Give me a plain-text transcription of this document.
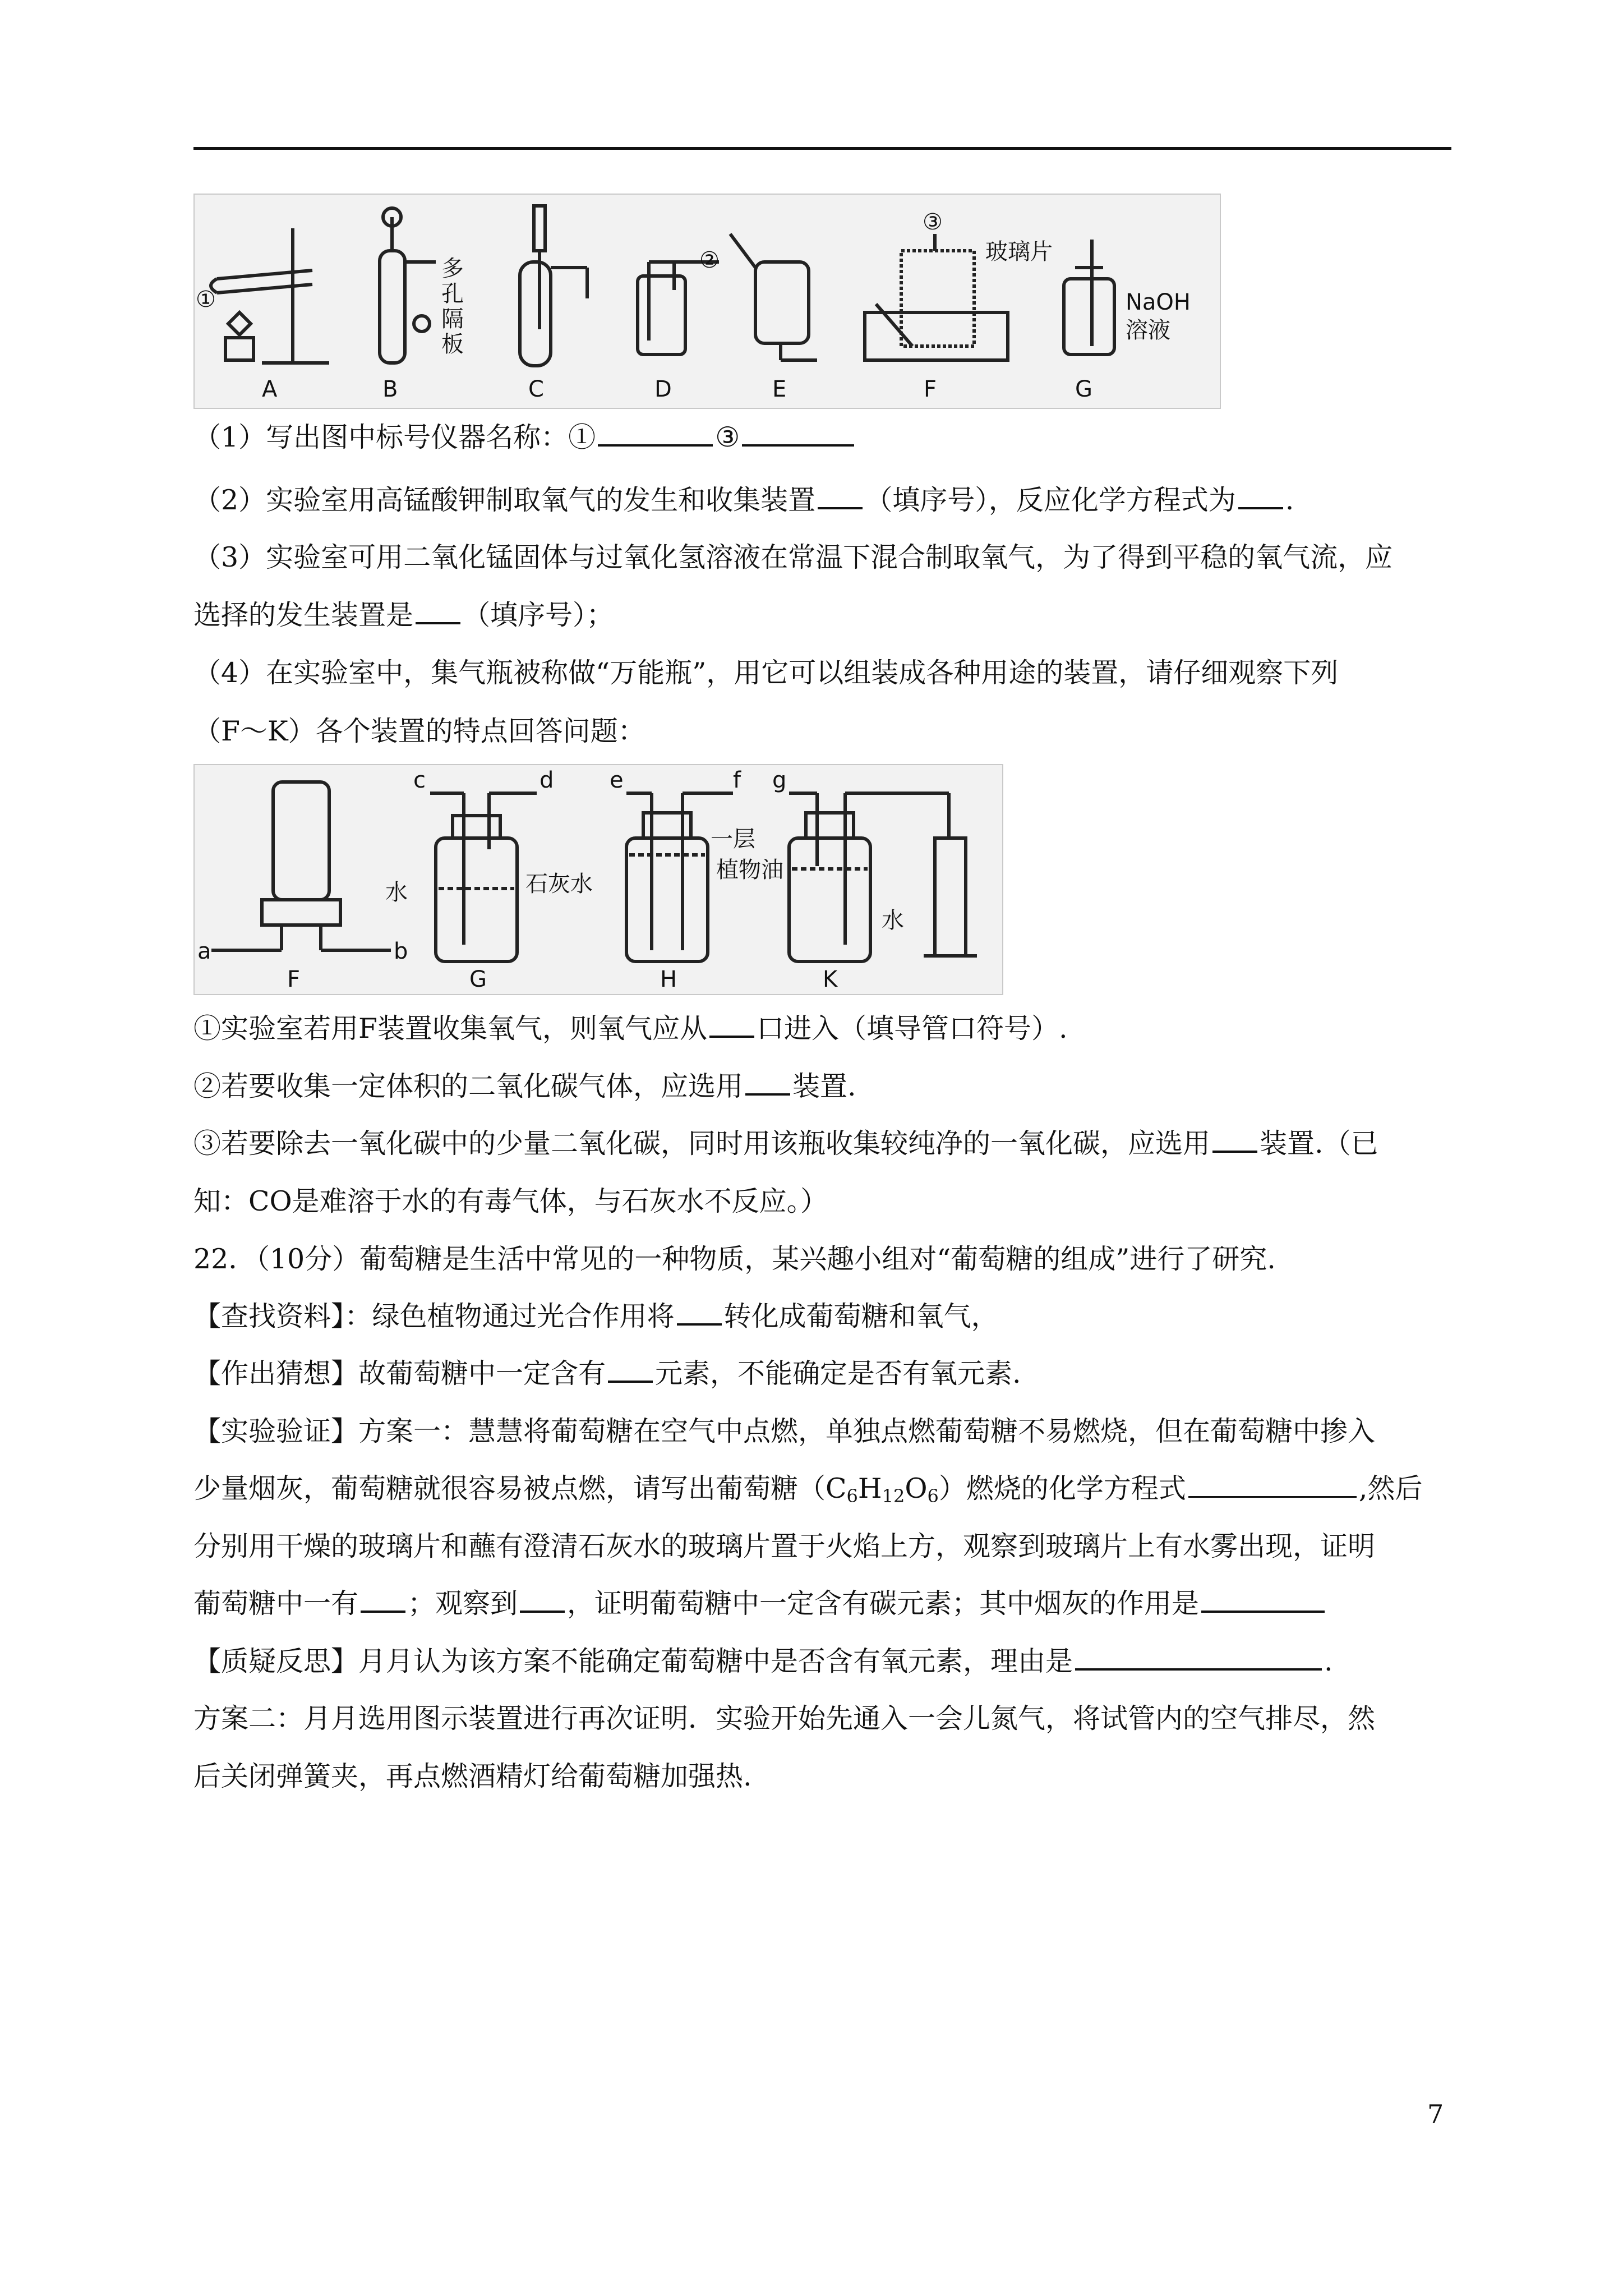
A	B	C	D	E	F	G
①
②
③
多
孔
隔
板
玻璃片
NaOH
溶液
（1）写出图中标号仪器名称：①	③
（2）实验室用高锰酸钾制取氧气的发生和收集装置 （填序号），反应化学方程式为 .
（3）实验室可用二氧化锰固体与过氧化氢溶液在常温下混合制取氧气，为了得到平稳的氧气流，应
选择的发生装置是 （填序号）；
（4）在实验室中，集气瓶被称做“万能瓶”，用它可以组装成各种用途的装置，请仔细观察下列
（F～K）各个装置的特点回答问题：
F	G	H	K
a	b
c	d e	f g
水	石灰水
一层
植物油
水
①实验室若用F装置收集氧气，则氧气应从 口进入（填导管口符号）.
②若要收集一定体积的二氧化碳气体，应选用 装置.
③若要除去一氧化碳中的少量二氧化碳，同时用该瓶收集较纯净的一氧化碳，应选用 装置.（已
知：CO是难溶于水的有毒气体，与石灰水不反应。）
22．（10分）葡萄糖是生活中常见的一种物质，某兴趣小组对“葡萄糖的组成”进行了研究.
【查找资料】：绿色植物通过光合作用将 转化成葡萄糖和氧气，
【作出猜想】故葡萄糖中一定含有 元素，不能确定是否有氧元素.
【实验验证】方案一：慧慧将葡萄糖在空气中点燃，单独点燃葡萄糖不易燃烧，但在葡萄糖中掺入
少量烟灰，葡萄糖就很容易被点燃，请写出葡萄糖$(C_6H_{12}O_6)$燃烧的化学方程式	,然后
分别用干燥的玻璃片和蘸有澄清石灰水的玻璃片置于火焰上方，观察到玻璃片上有水雾出现，证明
葡萄糖中一有 ；观察到 ，证明葡萄糖中一定含有碳元素；其中烟灰的作用是
【质疑反思】月月认为该方案不能确定葡萄糖中是否含有氧元素，理由是	.
方案二：月月选用图示装置进行再次证明．实验开始先通入一会儿氮气，将试管内的空气排尽，然
后关闭弹簧夹，再点燃酒精灯给葡萄糖加强热.
7
